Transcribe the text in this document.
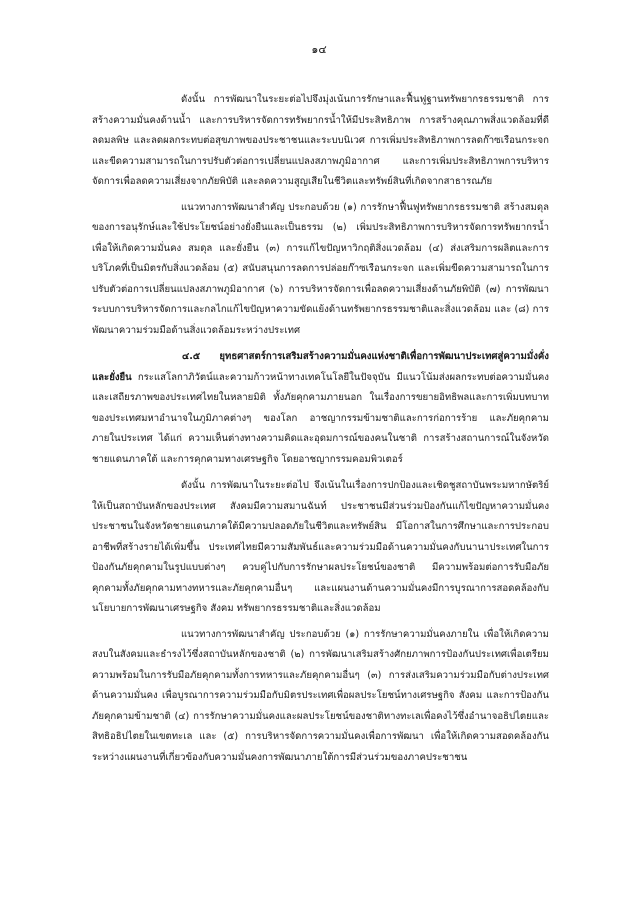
๑๔

ดังนั้น การพัฒนาในระยะต่อไปจึงมุ่งเน้นการรักษาและฟื้นฟูฐานทรัพยากรธรรมชาติ การสร้างความมั่นคงด้านน้ำ และการบริหารจัดการทรัพยากรน้ำให้มีประสิทธิภาพ การสร้างคุณภาพสิ่งแวดล้อมที่ดี ลดมลพิษ และลดผลกระทบต่อสุขภาพของประชาชนและระบบนิเวศ การเพิ่มประสิทธิภาพการลดก๊าซเรือนกระจกและขีดความสามารถในการปรับตัวต่อการเปลี่ยนแปลงสภาพภูมิอากาศ และการเพิ่มประสิทธิภาพการบริหารจัดการเพื่อลดความเสี่ยงจากภัยพิบัติ และลดความสูญเสียในชีวิตและทรัพย์สินที่เกิดจากสาธารณภัย

แนวทางการพัฒนาสำคัญ ประกอบด้วย (๑) การรักษาฟื้นฟูทรัพยากรธรรมชาติ สร้างสมดุลของการอนุรักษ์และใช้ประโยชน์อย่างยั่งยืนและเป็นธรรม (๒) เพิ่มประสิทธิภาพการบริหารจัดการทรัพยากรน้ำเพื่อให้เกิดความมั่นคง สมดุล และยั่งยืน (๓) การแก้ไขปัญหาวิกฤติสิ่งแวดล้อม (๔) ส่งเสริมการผลิตและการบริโภคที่เป็นมิตรกับสิ่งแวดล้อม (๕) สนับสนุนการลดการปล่อยก๊าซเรือนกระจก และเพิ่มขีดความสามารถในการปรับตัวต่อการเปลี่ยนแปลงสภาพภูมิอากาศ (๖) การบริหารจัดการเพื่อลดความเสี่ยงด้านภัยพิบัติ (๗) การพัฒนาระบบการบริหารจัดการและกลไกแก้ไขปัญหาความขัดแย้งด้านทรัพยากรธรรมชาติและสิ่งแวดล้อม และ (๘) การพัฒนาความร่วมมือด้านสิ่งแวดล้อมระหว่างประเทศ

๔.๕ ยุทธศาสตร์การเสริมสร้างความมั่นคงแห่งชาติเพื่อการพัฒนาประเทศสู่ความมั่งคั่งและยั่งยืน กระแสโลกาภิวัตน์และความก้าวหน้าทางเทคโนโลยีในปัจจุบัน มีแนวโน้มส่งผลกระทบต่อความมั่นคงและเสถียรภาพของประเทศไทยในหลายมิติ ทั้งภัยคุกคามภายนอก ในเรื่องการขยายอิทธิพลและการเพิ่มบทบาทของประเทศมหาอำนาจในภูมิภาคต่างๆ ของโลก อาชญากรรมข้ามชาติและการก่อการร้าย และภัยคุกคามภายในประเทศ ได้แก่ ความเห็นต่างทางความคิดและอุดมการณ์ของคนในชาติ การสร้างสถานการณ์ในจังหวัดชายแดนภาคใต้ และการคุกคามทางเศรษฐกิจ โดยอาชญากรรมคอมพิวเตอร์

ดังนั้น การพัฒนาในระยะต่อไป จึงเน้นในเรื่องการปกป้องและเชิดชูสถาบันพระมหากษัตริย์ให้เป็นสถาบันหลักของประเทศ สังคมมีความสมานฉันท์ ประชาชนมีส่วนร่วมป้องกันแก้ไขปัญหาความมั่นคง ประชาชนในจังหวัดชายแดนภาคใต้มีความปลอดภัยในชีวิตและทรัพย์สิน มีโอกาสในการศึกษาและการประกอบอาชีพที่สร้างรายได้เพิ่มขึ้น ประเทศไทยมีความสัมพันธ์และความร่วมมือด้านความมั่นคงกับนานาประเทศในการป้องกันภัยคุกคามในรูปแบบต่างๆ ควบคู่ไปกับการรักษาผลประโยชน์ของชาติ มีความพร้อมต่อการรับมือภัยคุกคามทั้งภัยคุกคามทางทหารและภัยคุกคามอื่นๆ และแผนงานด้านความมั่นคงมีการบูรณาการสอดคล้องกับนโยบายการพัฒนาเศรษฐกิจ สังคม ทรัพยากรธรรมชาติและสิ่งแวดล้อม

แนวทางการพัฒนาสำคัญ ประกอบด้วย (๑) การรักษาความมั่นคงภายใน เพื่อให้เกิดความสงบในสังคมและธำรงไว้ซึ่งสถาบันหลักของชาติ (๒) การพัฒนาเสริมสร้างศักยภาพการป้องกันประเทศเพื่อเตรียมความพร้อมในการรับมือภัยคุกคามทั้งการทหารและภัยคุกคามอื่นๆ (๓) การส่งเสริมความร่วมมือกับต่างประเทศด้านความมั่นคง เพื่อบูรณาการความร่วมมือกับมิตรประเทศเพื่อผลประโยชน์ทางเศรษฐกิจ สังคม และการป้องกันภัยคุกคามข้ามชาติ (๔) การรักษาความมั่นคงและผลประโยชน์ของชาติทางทะเลเพื่อคงไว้ซึ่งอำนาจอธิปไตยและสิทธิอธิปไตยในเขตทะเล และ (๕) การบริหารจัดการความมั่นคงเพื่อการพัฒนา เพื่อให้เกิดความสอดคล้องกันระหว่างแผนงานที่เกี่ยวข้องกับความมั่นคงการพัฒนาภายใต้การมีส่วนร่วมของภาคประชาชน
